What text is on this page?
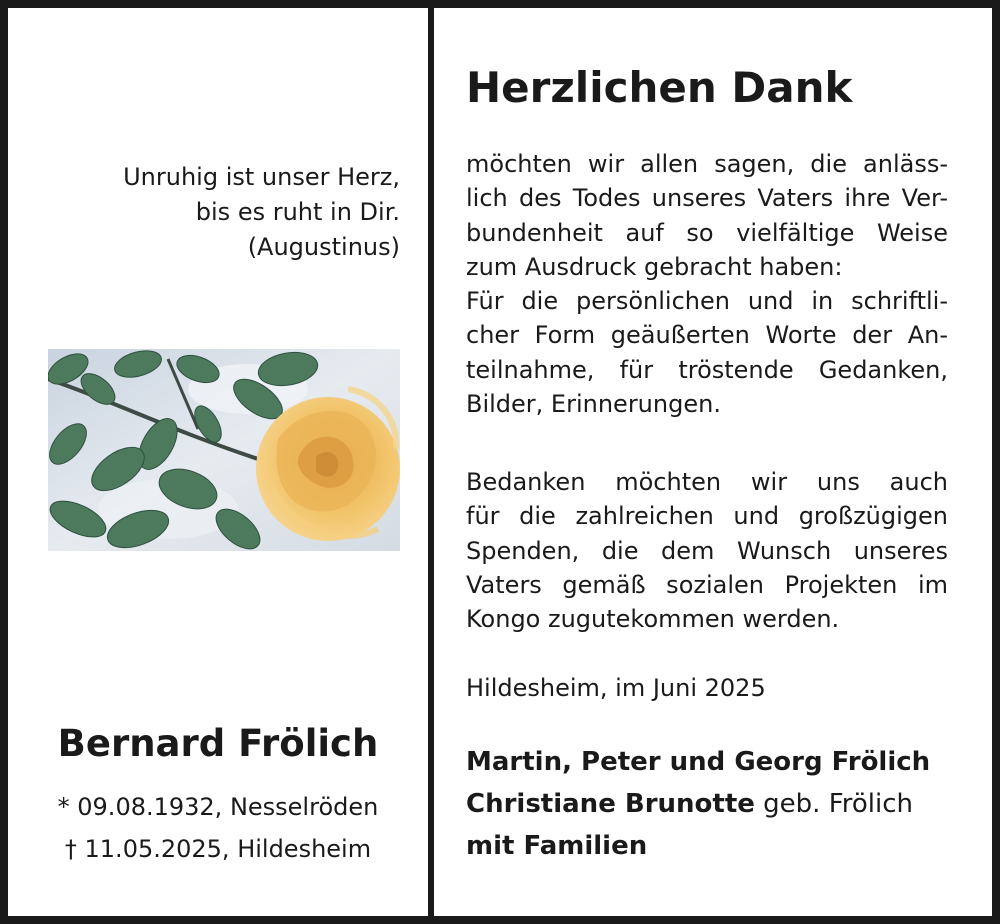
Unruhig ist unser Herz,
bis es ruht in Dir.
(Augustinus)
Bernard Frölich
* 09.08.1932, Nesselröden
† 11.05.2025, Hildesheim
Herzlichen Dank
möchten wir allen sagen, die anläss-
lich des Todes unseres Vaters ihre Ver-
bundenheit auf so vielfältige Weise
zum Ausdruck gebracht haben:
Für die persönlichen und in schriftli-
cher Form geäußerten Worte der An-
teilnahme, für tröstende Gedanken,
Bilder, Erinnerungen.
Bedanken möchten wir uns auch
für die zahlreichen und großzügigen
Spenden, die dem Wunsch unseres
Vaters gemäß sozialen Projekten im
Kongo zugutekommen werden.
Hildesheim, im Juni 2025
Martin, Peter und Georg Frölich
Christiane Brunotte geb. Frölich
mit Familien
